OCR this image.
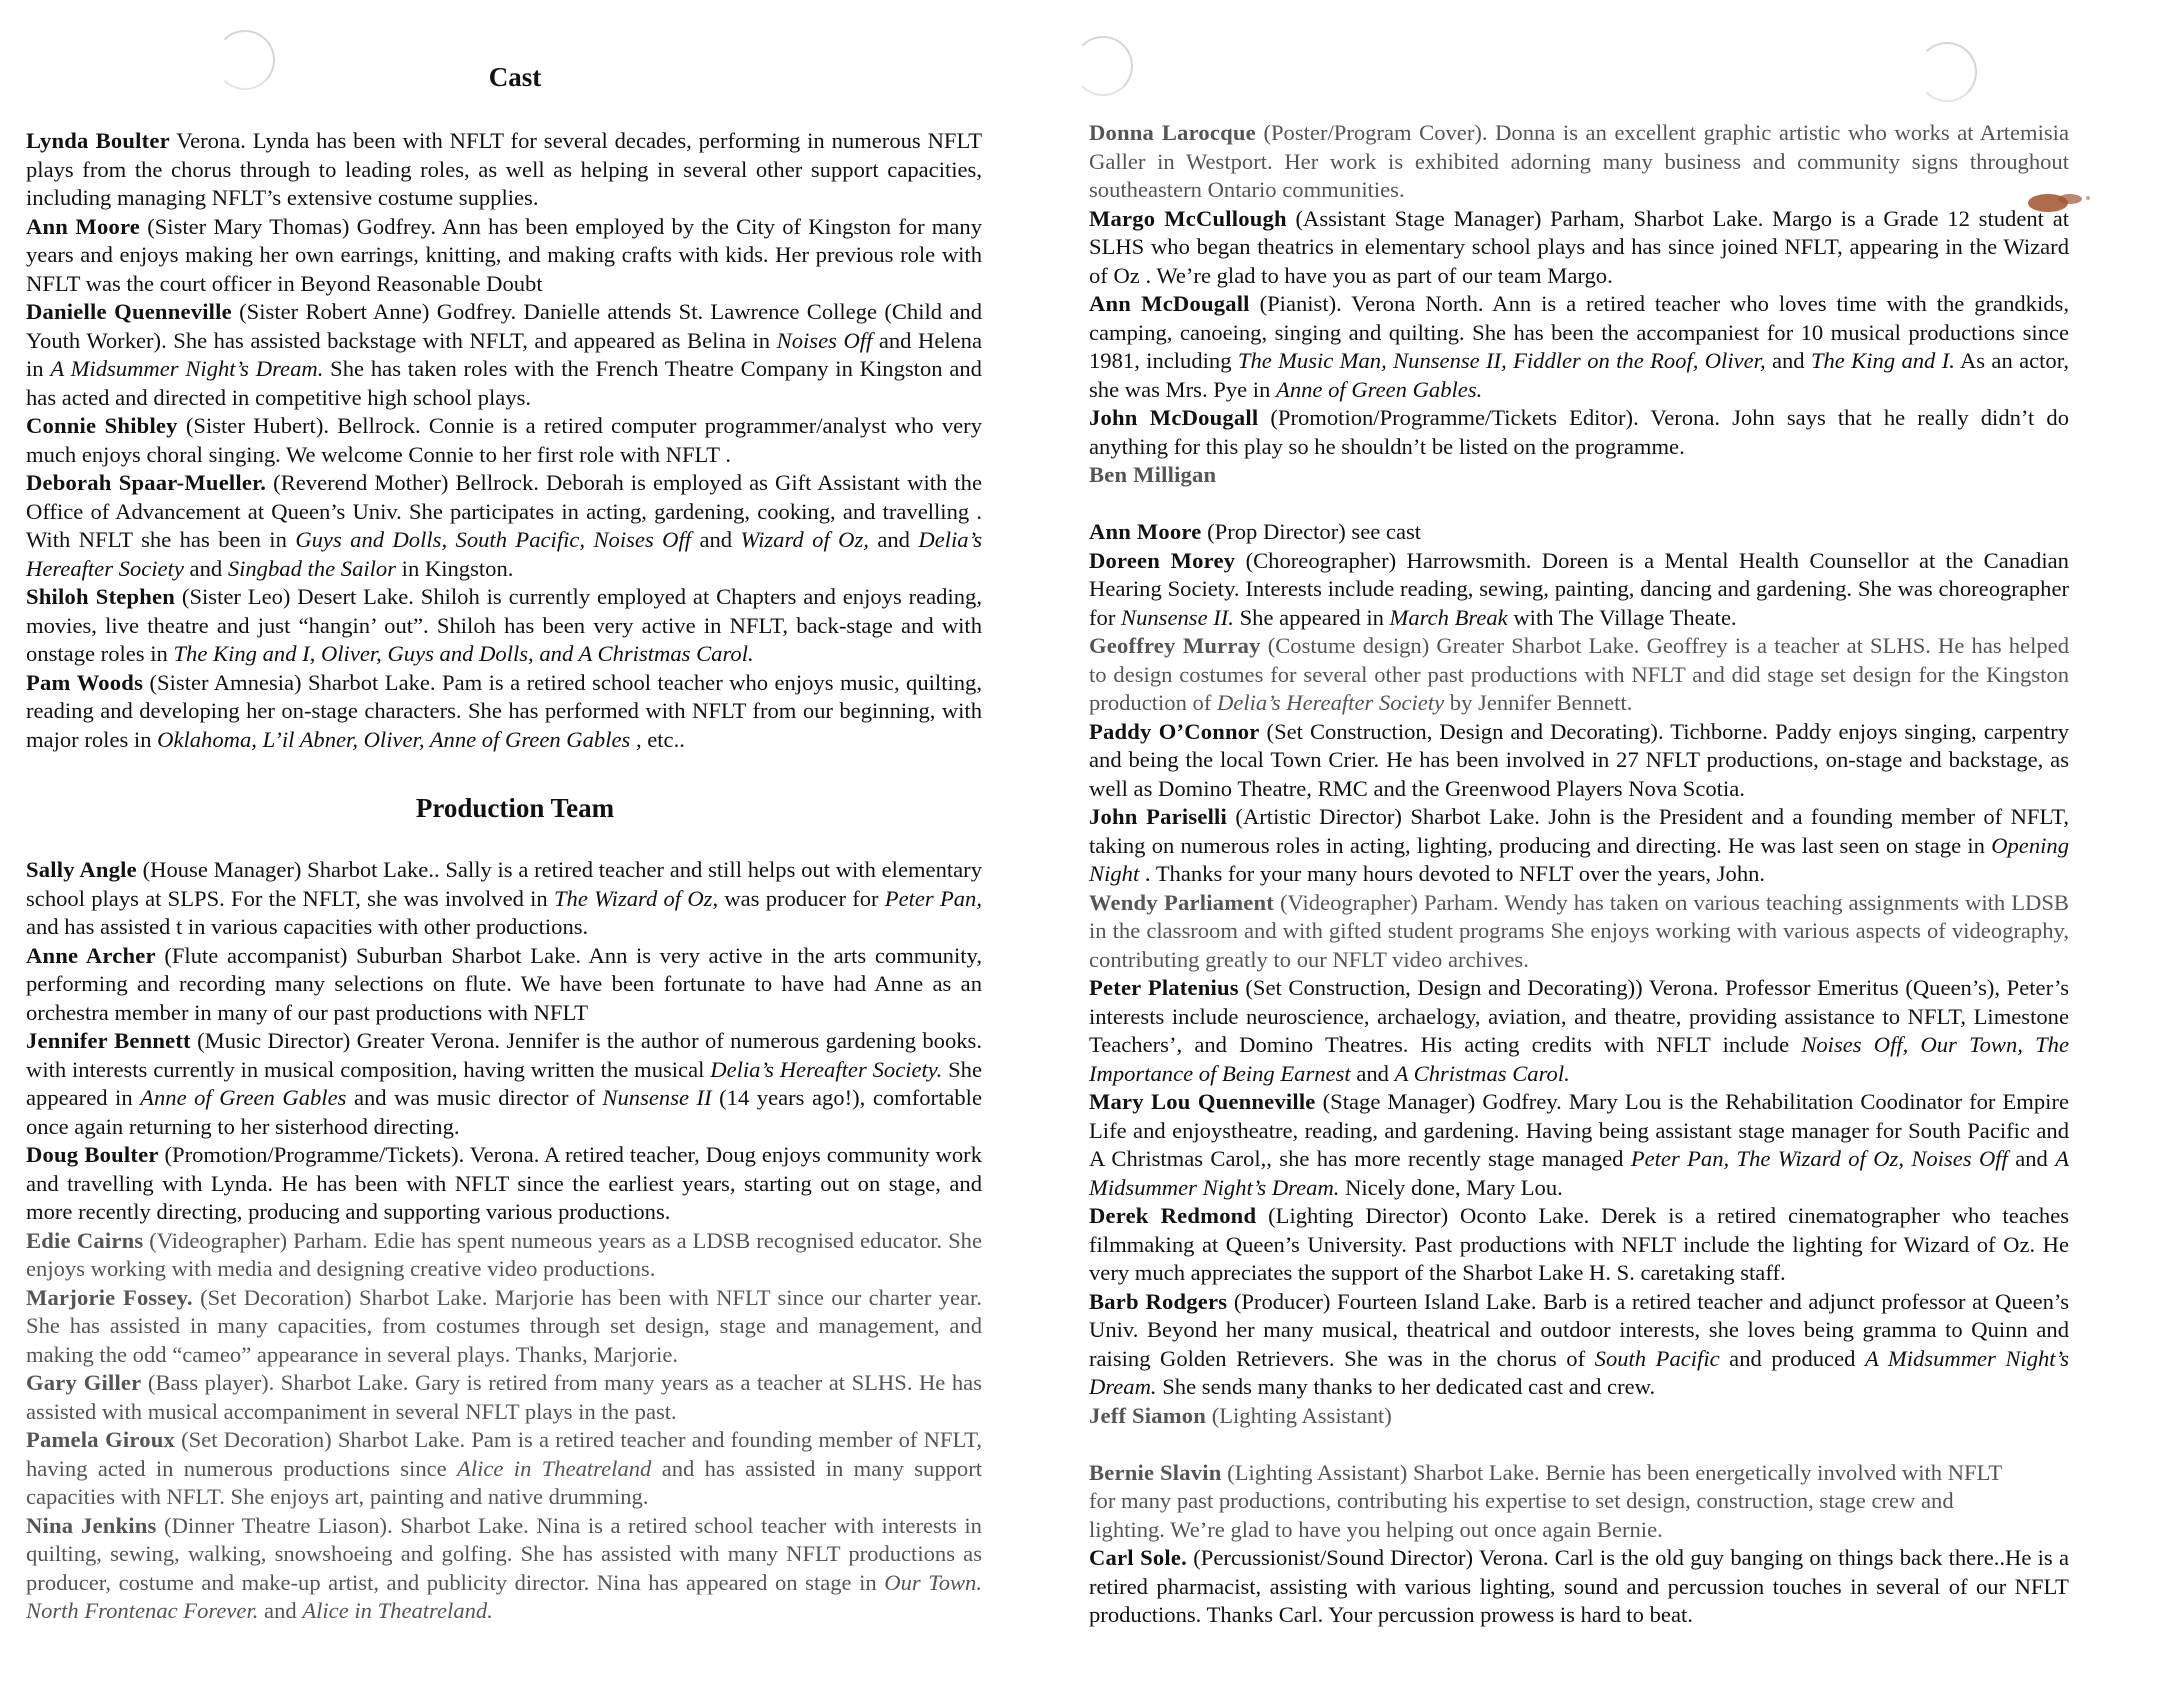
Cast

Lynda Boulter Verona. Lynda has been with NFLT for several decades, performing in numerous NFLT plays from the chorus through to leading roles, as well as helping in several other support capacities, including managing NFLT’s extensive costume supplies.

Ann Moore (Sister Mary Thomas) Godfrey. Ann has been employed by the City of Kingston for many years and enjoys making her own earrings, knitting, and making crafts with kids. Her previous role with NFLT was the court officer in Beyond Reasonable Doubt

Danielle Quenneville (Sister Robert Anne) Godfrey. Danielle attends St. Lawrence College (Child and Youth Worker). She has assisted backstage with NFLT, and appeared as Belina in Noises Off and Helena in A Midsummer Night’s Dream. She has taken roles with the French Theatre Company in Kingston and has acted and directed in competitive high school plays.

Connie Shibley (Sister Hubert). Bellrock. Connie is a retired computer programmer/analyst who very much enjoys choral singing. We welcome Connie to her first role with NFLT .

Deborah Spaar-Mueller. (Reverend Mother) Bellrock. Deborah is employed as Gift Assistant with the Office of Advancement at Queen’s Univ. She participates in acting, gardening, cooking, and travelling . With NFLT she has been in Guys and Dolls, South Pacific, Noises Off and Wizard of Oz, and Delia’s Hereafter Society and Singbad the Sailor in Kingston.

Shiloh Stephen (Sister Leo) Desert Lake. Shiloh is currently employed at Chapters and enjoys reading, movies, live theatre and just “hangin’ out”. Shiloh has been very active in NFLT, back-stage and with onstage roles in The King and I, Oliver, Guys and Dolls, and A Christmas Carol.

Pam Woods (Sister Amnesia) Sharbot Lake. Pam is a retired school teacher who enjoys music, quilting, reading and developing her on-stage characters. She has performed with NFLT from our beginning, with major roles in Oklahoma, L’il Abner, Oliver, Anne of Green Gables , etc..

Production Team

Sally Angle (House Manager) Sharbot Lake.. Sally is a retired teacher and still helps out with elementary school plays at SLPS. For the NFLT, she was involved in The Wizard of Oz, was producer for Peter Pan, and has assisted t in various capacities with other productions.

Anne Archer (Flute accompanist) Suburban Sharbot Lake. Ann is very active in the arts community, performing and recording many selections on flute. We have been fortunate to have had Anne as an orchestra member in many of our past productions with NFLT

Jennifer Bennett (Music Director) Greater Verona. Jennifer is the author of numerous gardening books. with interests currently in musical composition, having written the musical Delia’s Hereafter Society. She appeared in Anne of Green Gables and was music director of Nunsense II (14 years ago!), comfortable once again returning to her sisterhood directing.

Doug Boulter (Promotion/Programme/Tickets). Verona. A retired teacher, Doug enjoys community work and travelling with Lynda. He has been with NFLT since the earliest years, starting out on stage, and more recently directing, producing and supporting various productions.

Edie Cairns (Videographer) Parham. Edie has spent numeous years as a LDSB recognised educator. She enjoys working with media and designing creative video productions.

Marjorie Fossey. (Set Decoration) Sharbot Lake. Marjorie has been with NFLT since our charter year. She has assisted in many capacities, from costumes through set design, stage and management, and making the odd “cameo” appearance in several plays. Thanks, Marjorie.

Gary Giller (Bass player). Sharbot Lake. Gary is retired from many years as a teacher at SLHS. He has assisted with musical accompaniment in several NFLT plays in the past.

Pamela Giroux (Set Decoration) Sharbot Lake. Pam is a retired teacher and founding member of NFLT, having acted in numerous productions since Alice in Theatreland and has assisted in many support capacities with NFLT. She enjoys art, painting and native drumming.

Nina Jenkins (Dinner Theatre Liason). Sharbot Lake. Nina is a retired school teacher with interests in quilting, sewing, walking, snowshoeing and golfing. She has assisted with many NFLT productions as producer, costume and make-up artist, and publicity director. Nina has appeared on stage in Our Town. North Frontenac Forever. and Alice in Theatreland.

Donna Larocque (Poster/Program Cover). Donna is an excellent graphic artistic who works at Artemisia Galler in Westport. Her work is exhibited adorning many business and community signs throughout southeastern Ontario communities.

Margo McCullough (Assistant Stage Manager) Parham, Sharbot Lake. Margo is a Grade 12 student at SLHS who began theatrics in elementary school plays and has since joined NFLT, appearing in the Wizard of Oz . We’re glad to have you as part of our team Margo.

Ann McDougall (Pianist). Verona North. Ann is a retired teacher who loves time with the grandkids, camping, canoeing, singing and quilting. She has been the accompaniest for 10 musical productions since 1981, including The Music Man, Nunsense II, Fiddler on the Roof, Oliver, and The King and I. As an actor, she was Mrs. Pye in Anne of Green Gables.

John McDougall (Promotion/Programme/Tickets Editor). Verona. John says that he really didn’t do anything for this play so he shouldn’t be listed on the programme.

Ben Milligan

Ann Moore (Prop Director) see cast

Doreen Morey (Choreographer) Harrowsmith. Doreen is a Mental Health Counsellor at the Canadian Hearing Society. Interests include reading, sewing, painting, dancing and gardening. She was choreographer for Nunsense II. She appeared in March Break with The Village Theate.

Geoffrey Murray (Costume design) Greater Sharbot Lake. Geoffrey is a teacher at SLHS. He has helped to design costumes for several other past productions with NFLT and did stage set design for the Kingston production of Delia’s Hereafter Society by Jennifer Bennett.

Paddy O’Connor (Set Construction, Design and Decorating). Tichborne. Paddy enjoys singing, carpentry and being the local Town Crier. He has been involved in 27 NFLT productions, on-stage and backstage, as well as Domino Theatre, RMC and the Greenwood Players Nova Scotia.

John Pariselli (Artistic Director) Sharbot Lake. John is the President and a founding member of NFLT, taking on numerous roles in acting, lighting, producing and directing. He was last seen on stage in Opening Night . Thanks for your many hours devoted to NFLT over the years, John.

Wendy Parliament (Videographer) Parham. Wendy has taken on various teaching assignments with LDSB in the classroom and with gifted student programs She enjoys working with various aspects of videography, contributing greatly to our NFLT video archives.

Peter Platenius (Set Construction, Design and Decorating)) Verona. Professor Emeritus (Queen’s), Peter’s interests include neuroscience, archaelogy, aviation, and theatre, providing assistance to NFLT, Limestone Teachers’, and Domino Theatres. His acting credits with NFLT include Noises Off, Our Town, The Importance of Being Earnest and A Christmas Carol.

Mary Lou Quenneville (Stage Manager) Godfrey. Mary Lou is the Rehabilitation Coodinator for Empire Life and enjoystheatre, reading, and gardening. Having being assistant stage manager for South Pacific and A Christmas Carol,, she has more recently stage managed Peter Pan, The Wizard of Oz, Noises Off and A Midsummer Night’s Dream. Nicely done, Mary Lou.

Derek Redmond (Lighting Director) Oconto Lake. Derek is a retired cinematographer who teaches filmmaking at Queen’s University. Past productions with NFLT include the lighting for Wizard of Oz. He very much appreciates the support of the Sharbot Lake H. S. caretaking staff.

Barb Rodgers (Producer) Fourteen Island Lake. Barb is a retired teacher and adjunct professor at Queen’s Univ. Beyond her many musical, theatrical and outdoor interests, she loves being gramma to Quinn and raising Golden Retrievers. She was in the chorus of South Pacific and produced A Midsummer Night’s Dream. She sends many thanks to her dedicated cast and crew.

Jeff Siamon (Lighting Assistant)

Bernie Slavin (Lighting Assistant) Sharbot Lake. Bernie has been energetically involved with NFLT for many past productions, contributing his expertise to set design, construction, stage crew and lighting. We’re glad to have you helping out once again Bernie.

Carl Sole. (Percussionist/Sound Director) Verona. Carl is the old guy banging on things back there..He is a retired pharmacist, assisting with various lighting, sound and percussion touches in several of our NFLT productions. Thanks Carl. Your percussion prowess is hard to beat.
